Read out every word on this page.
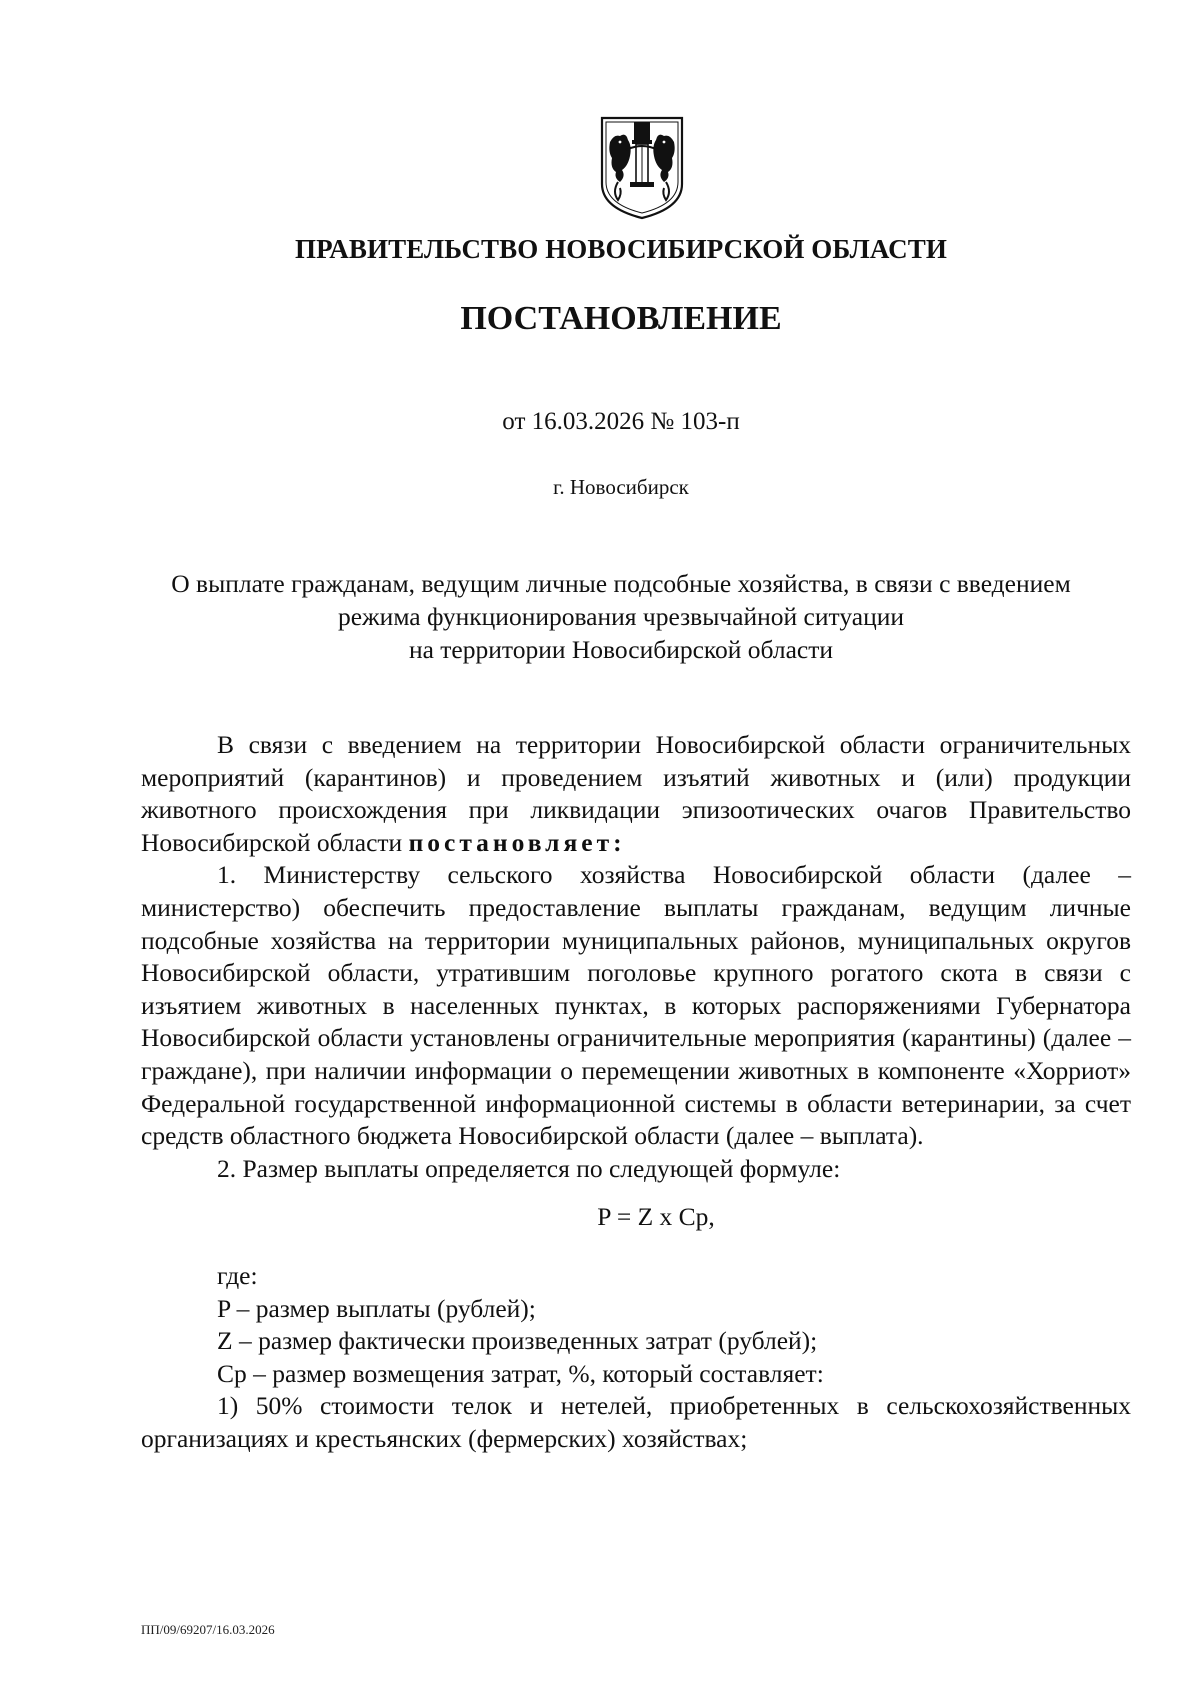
ПРАВИТЕЛЬСТВО НОВОСИБИРСКОЙ ОБЛАСТИ

ПОСТАНОВЛЕНИЕ

от 16.03.2026 № 103-п

г. Новосибирск

О выплате гражданам, ведущим личные подсобные хозяйства, в связи с введением
режима функционирования чрезвычайной ситуации
на территории Новосибирской области

В связи с введением на территории Новосибирской области ограничительных мероприятий (карантинов) и проведением изъятий животных и (или) продукции животного происхождения при ликвидации эпизоотических очагов Правительство Новосибирской области постановляет:

1. Министерству сельского хозяйства Новосибирской области (далее – министерство) обеспечить предоставление выплаты гражданам, ведущим личные подсобные хозяйства на территории муниципальных районов, муниципальных округов Новосибирской области, утратившим поголовье крупного рогатого скота в связи с изъятием животных в населенных пунктах, в которых распоряжениями Губернатора Новосибирской области установлены ограничительные мероприятия (карантины) (далее – граждане), при наличии информации о перемещении животных в компоненте «Хорриот» Федеральной государственной информационной системы в области ветеринарии, за счет средств областного бюджета Новосибирской области (далее – выплата).

2. Размер выплаты определяется по следующей формуле:

P = Z x Cp,

где:

P – размер выплаты (рублей);

Z – размер фактически произведенных затрат (рублей);

Cp – размер возмещения затрат, %, который составляет:

1) 50% стоимости телок и нетелей, приобретенных в сельскохозяйственных организациях и крестьянских (фермерских) хозяйствах;

ПП/09/69207/16.03.2026
